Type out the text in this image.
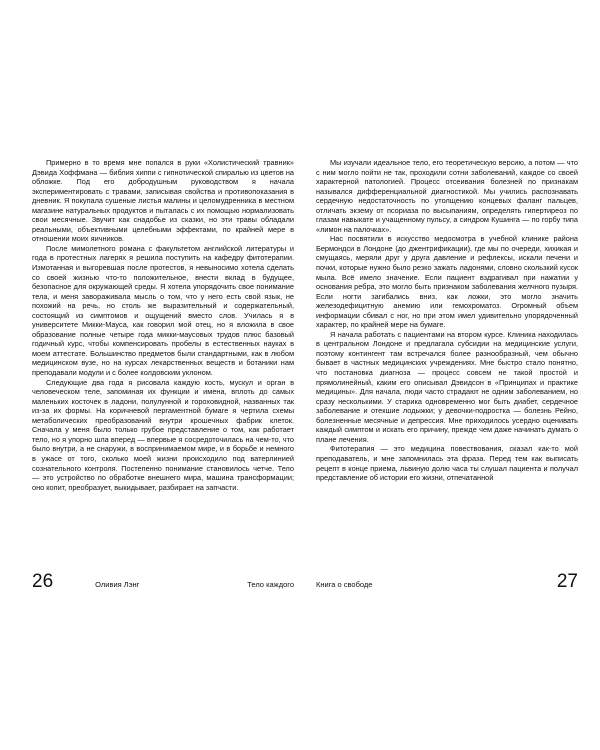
Примерно в то время мне попался в руки «Холистический травник» Дэвида Хоффмана — библия хиппи с гипнотической спиралью из цветов на обложке. Под его добродушным руководством я начала экспериментировать с травами, записывая свойства и противопоказания в дневник. Я покупала сушеные листья малины и целомудренника в местном магазине натуральных продуктов и пыталась с их помощью нормализовать свои месячные. Звучит как снадобье из сказки, но эти травы обладали реальными, объективными целебными эффектами, по крайней мере в отношении моих яичников.

После мимолетного романа с факультетом английской литературы и года в протестных лагерях я решила поступить на кафедру фитотерапии. Измотанная и выгоревшая после протестов, я невыносимо хотела сделать со своей жизнью что-то положительное, внести вклад в будущее, безопасное для окружающей среды. Я хотела упорядочить свое понимание тела, и меня завораживала мысль о том, что у него есть свой язык, не похожий на речь, но столь же выразительный и содержательный, состоящий из симптомов и ощущений вместо слов. Училась я в университете Микки-Мауса, как говорил мой отец, но я вложила в свое образование полные четыре года микки-маусовых трудов плюс базовый годичный курс, чтобы компенсировать пробелы в естественных науках в моем аттестате. Большинство предметов были стандартными, как в любом медицинском вузе, но на курсах лекарственных веществ и ботаники нам преподавали модули и с более колдовским уклоном.

Следующие два года я рисовала каждую кость, мускул и орган в человеческом теле, запоминая их функции и имена, вплоть до самых маленьких косточек в ладони, полулунной и гороховидной, названных так из-за их формы. На коричневой пергаментной бумаге я чертила схемы метаболических преобразований внутри крошечных фабрик клеток. Сначала у меня было только грубое представление о том, как работает тело, но я упорно шла вперед — впервые я сосредоточилась на чем-то, что было внутри, а не снаружи, в воспринимаемом мире, и в борьбе и немного в ужасе от того, сколько моей жизни происходило под ватерлинией сознательного контроля. Постепенно понимание становилось четче. Тело — это устройство по обработке внешнего мира, машина трансформации; оно копит, преобразует, выкидывает, разбирает на запчасти.

Мы изучали идеальное тело, его теоретическую версию, а потом — что с ним могло пойти не так, проходили сотни заболеваний, каждое со своей характерной патологией. Процесс отсеивания болезней по признакам назывался дифференциальной диагностикой. Мы учились распознавать сердечную недостаточность по утолщению концевых фаланг пальцев, отличать экзему от псориаза по высыпаниям, определять гипертиреоз по глазам навыкате и учащенному пульсу, а синдром Кушинга — по горбу типа «лимон на палочках».

Нас посвятили в искусство медосмотра в учебной клинике района Бермондси в Лондоне (до джентрификации), где мы по очереди, хихикая и смущаясь, меряли друг у друга давление и рефлексы, искали печени и почки, которые нужно было резко зажать ладонями, словно скользкий кусок мыла. Всё имело значение. Если пациент вздрагивал при нажатии у основания ребра, это могло быть признаком заболевания желчного пузыря. Если ногти загибались вниз, как ложки, это могло значить железодефицитную анемию или гемохроматоз. Огромный объем информации сбивал с ног, но при этом имел удивительно упорядоченный характер, по крайней мере на бумаге.

Я начала работать с пациентами на втором курсе. Клиника находилась в центральном Лондоне и предлагала субсидии на медицинские услуги, поэтому контингент там встречался более разнообразный, чем обычно бывает в частных медицинских учреждениях. Мне быстро стало понятно, что постановка диагноза — процесс совсем не такой простой и прямолинейный, каким его описывал Дэвидсон в «Принципах и практике медицины». Для начала, люди часто страдают не одним заболеванием, но сразу несколькими. У старика одновременно мог быть диабет, сердечное заболевание и отекшие лодыжки; у девочки-подростка — болезнь Рейно, болезненные месячные и депрессия. Мне приходилось усердно оценивать каждый симптом и искать его причину, прежде чем даже начинать думать о плане лечения.

Фитотерапия — это медицина повествования, сказал как-то мой преподаватель, и мне запомнилась эта фраза. Перед тем как выписать рецепт в конце приема, львиную долю часа ты слушал пациента и получал представление об истории его жизни, отпечатанной

26	Оливия Лэнг	Тело каждого	Книга о свободе	27
